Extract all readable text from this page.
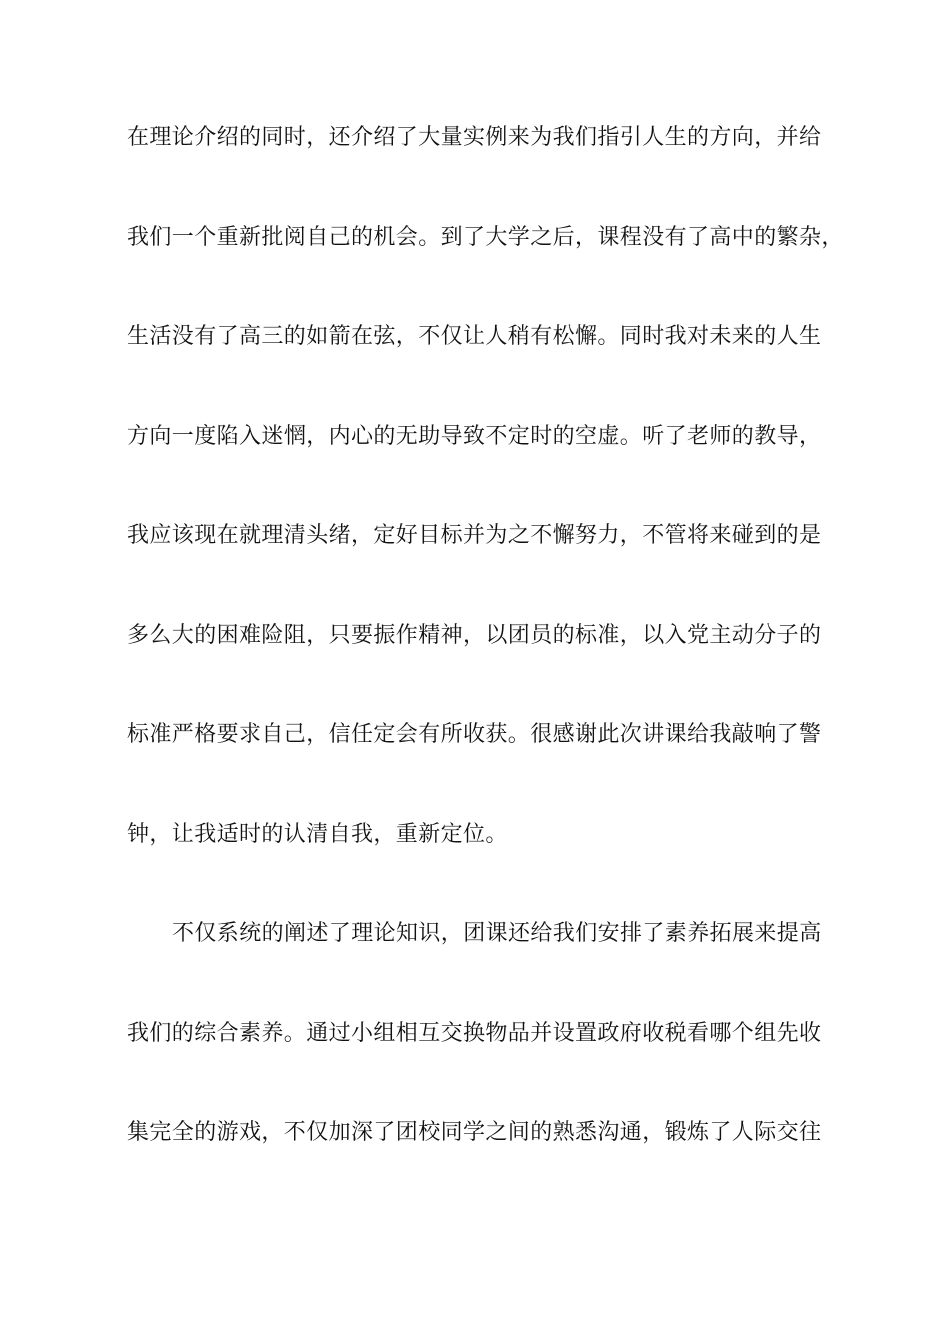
在理论介绍的同时，还介绍了大量实例来为我们指引人生的方向，并给
我们一个重新批阅自己的机会。到了大学之后，课程没有了高中的繁杂，
生活没有了高三的如箭在弦，不仅让人稍有松懈。同时我对未来的人生
方向一度陷入迷惘，内心的无助导致不定时的空虚。听了老师的教导，
我应该现在就理清头绪，定好目标并为之不懈努力，不管将来碰到的是
多么大的困难险阻，只要振作精神，以团员的标准，以入党主动分子的
标准严格要求自己，信任定会有所收获。很感谢此次讲课给我敲响了警
钟，让我适时的认清自我，重新定位。
不仅系统的阐述了理论知识，团课还给我们安排了素养拓展来提高
我们的综合素养。通过小组相互交换物品并设置政府收税看哪个组先收
集完全的游戏，不仅加深了团校同学之间的熟悉沟通，锻炼了人际交往
